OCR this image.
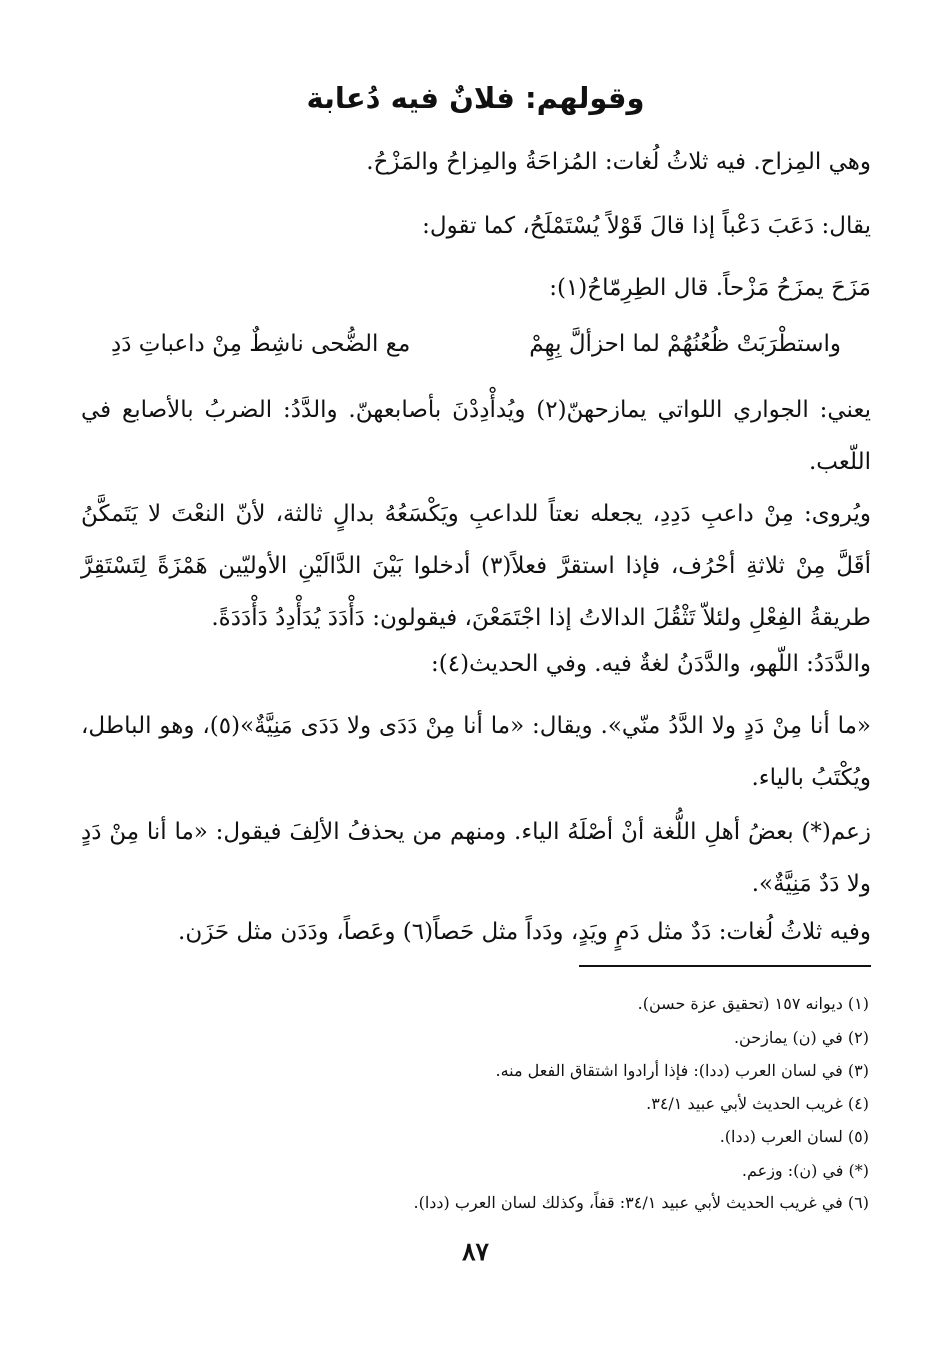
وقولهم: فلانٌ فيه دُعابة

وهي المِزاح. فيه ثلاثُ لُغات: المُزاحَةُ والمِزاحُ والمَزْحُ.

يقال: دَعَبَ دَعْباً إذا قالَ قَوْلاً يُسْتَمْلَحُ، كما تقول:

مَزَحَ يمزَحُ مَزْحاً. قال الطِرِمّاحُ(١):

واستطْرَبَتْ ظُعُنُهُمْ لما احزألَّ بِهِمْ
مع الضُّحى ناشِطٌ مِنْ داعباتِ دَدِ

يعني: الجواري اللواتي يمازحهنّ(٢) ويُدأْدِدْنَ بأصابعهنّ. والدَّدُ: الضربُ بالأصابع في اللّعب.

ويُروى: مِنْ داعبِ دَدِدِ، يجعله نعتاً للداعبِ ويَكْسَعُهُ بدالٍ ثالثة، لأنّ النعْتَ لا يَتَمكَّنُ أقَلَّ مِنْ ثلاثةِ أحْرُف، فإذا استقرَّ فعلاً(٣) أدخلوا بَيْنَ الدَّالَيْنِ الأوليّين هَمْزَةً لِتَسْتَقِرَّ طريقةُ الفِعْلِ ولئلاّ تَثْقُلَ الدالاتُ إذا اجْتَمَعْنَ، فيقولون: دَأْدَدَ يُدَأْدِدُ دَأْدَدَةً.

والدَّدَدُ: اللّهو، والدَّدَنُ لغةٌ فيه. وفي الحديث(٤):

«ما أنا مِنْ دَدٍ ولا الدَّدُ منّي». ويقال: «ما أنا مِنْ دَدَى ولا دَدَى مَنِيَّةٌ»(٥)، وهو الباطل، ويُكْتَبُ بالياء.

زعم(*) بعضُ أهلِ اللُّغة أنْ أصْلَهُ الياء. ومنهم من يحذفُ الألِفَ فيقول: «ما أنا مِنْ دَدٍ ولا دَدٌ مَنِيَّةٌ».

وفيه ثلاثُ لُغات: دَدٌ مثل دَمٍ ويَدٍ، ودَداً مثل حَصاً(٦) وعَصاً، ودَدَن مثل حَزَن.

(١) ديوانه ١٥٧ (تحقيق عزة حسن).
(٢) في (ن) يمازحن.
(٣) في لسان العرب (ددا): فإذا أرادوا اشتقاق الفعل منه.
(٤) غريب الحديث لأبي عبيد ٣٤/١.
(٥) لسان العرب (ددا).
(*) في (ن): وزعم.
(٦) في غريب الحديث لأبي عبيد ٣٤/١: قفاً، وكذلك لسان العرب (ددا).
٨٧
